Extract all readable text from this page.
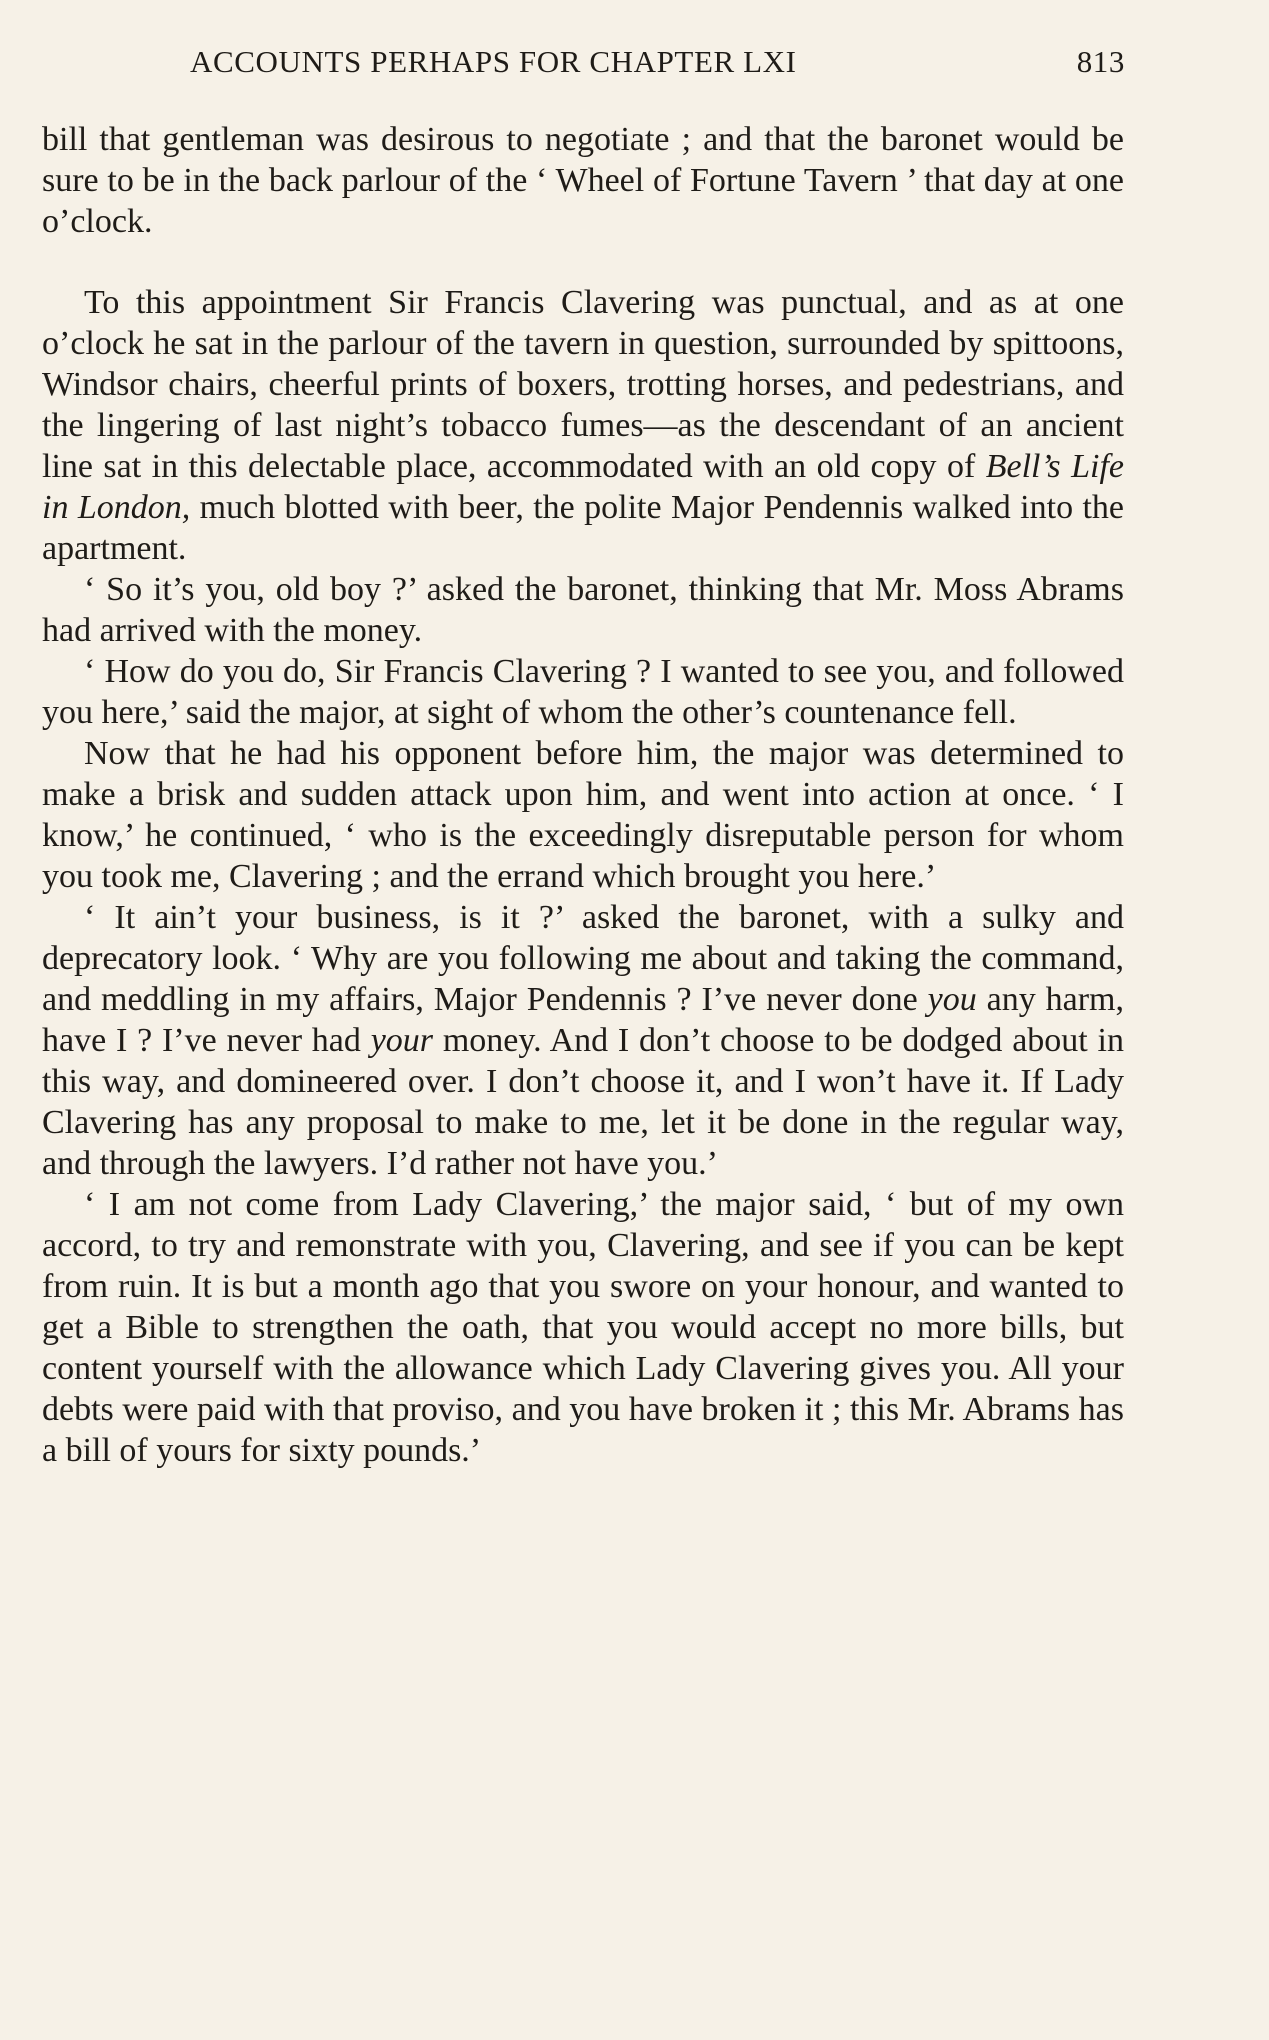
ACCOUNTS PERHAPS FOR CHAPTER LXI	813

bill that gentleman was desirous to negotiate ; and that the baronet would be sure to be in the back parlour of the ‘ Wheel of Fortune Tavern ’ that day at one o’clock.

To this appointment Sir Francis Clavering was punctual, and as at one o’clock he sat in the parlour of the tavern in question, surrounded by spittoons, Windsor chairs, cheerful prints of boxers, trotting horses, and pedestrians, and the lingering of last night’s tobacco fumes—as the descendant of an ancient line sat in this delectable place, accommodated with an old copy of Bell’s Life in London, much blotted with beer, the polite Major Pendennis walked into the apartment.

‘ So it’s you, old boy ?’ asked the baronet, thinking that Mr. Moss Abrams had arrived with the money.

‘ How do you do, Sir Francis Clavering ? I wanted to see you, and followed you here,’ said the major, at sight of whom the other’s countenance fell.

Now that he had his opponent before him, the major was determined to make a brisk and sudden attack upon him, and went into action at once. ‘ I know,’ he continued, ‘ who is the exceedingly disreputable person for whom you took me, Clavering ; and the errand which brought you here.’

‘ It ain’t your business, is it ?’ asked the baronet, with a sulky and deprecatory look. ‘ Why are you following me about and taking the command, and meddling in my affairs, Major Pendennis ? I’ve never done you any harm, have I ? I’ve never had your money. And I don’t choose to be dodged about in this way, and domineered over. I don’t choose it, and I won’t have it. If Lady Clavering has any proposal to make to me, let it be done in the regular way, and through the lawyers. I’d rather not have you.’

‘ I am not come from Lady Clavering,’ the major said, ‘ but of my own accord, to try and remonstrate with you, Clavering, and see if you can be kept from ruin. It is but a month ago that you swore on your honour, and wanted to get a Bible to strengthen the oath, that you would accept no more bills, but content yourself with the allowance which Lady Clavering gives you. All your debts were paid with that proviso, and you have broken it ; this Mr. Abrams has a bill of yours for sixty pounds.’
